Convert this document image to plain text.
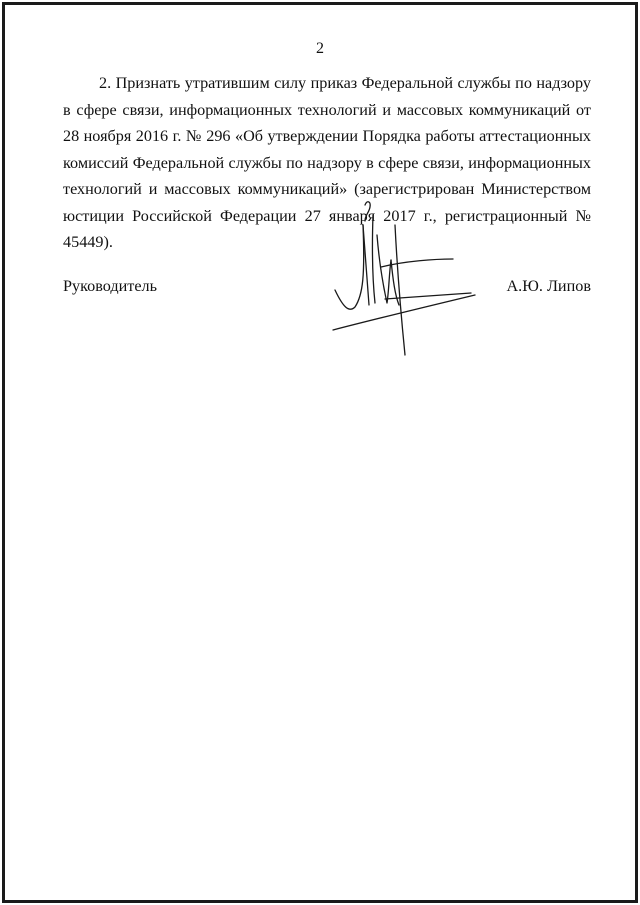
2

2. Признать утратившим силу приказ Федеральной службы по надзору в сфере связи, информационных технологий и массовых коммуникаций от 28 ноября 2016 г. № 296 «Об утверждении Порядка работы аттестационных комиссий Федеральной службы по надзору в сфере связи, информационных технологий и массовых коммуникаций» (зарегистрирован Министерством юстиции Российской Федерации 27 января 2017 г., регистрационный № 45449).

Руководитель	А.Ю. Липов
